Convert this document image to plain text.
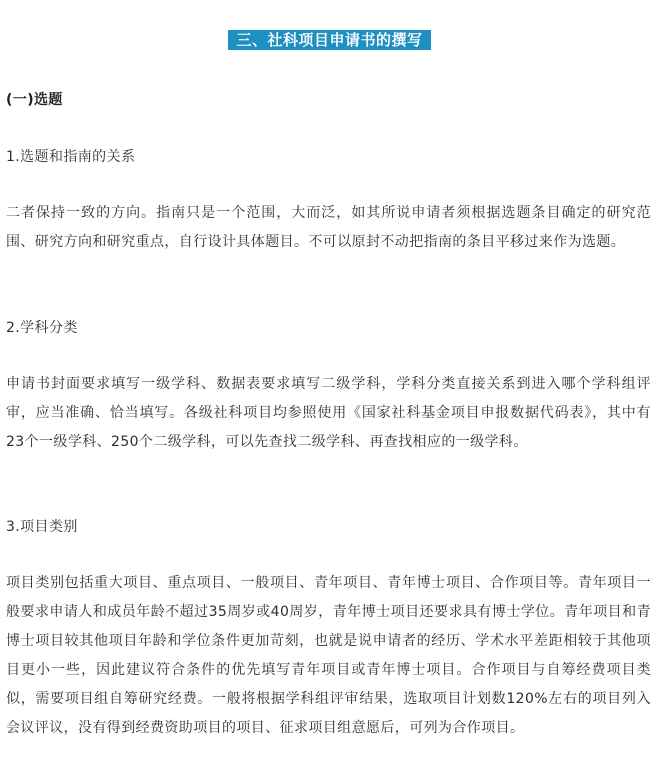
三、社科项目申请书的撰写

(一)选题

1.选题和指南的关系

二者保持一致的方向。指南只是一个范围，大而泛，如其所说申请者须根据选题条目确定的研究范围、研究方向和研究重点，自行设计具体题目。不可以原封不动把指南的条目平移过来作为选题。

2.学科分类

申请书封面要求填写一级学科、数据表要求填写二级学科，学科分类直接关系到进入哪个学科组评审，应当准确、恰当填写。各级社科项目均参照使用《国家社科基金项目申报数据代码表》，其中有23个一级学科、250个二级学科，可以先查找二级学科、再查找相应的一级学科。

3.项目类别

项目类别包括重大项目、重点项目、一般项目、青年项目、青年博士项目、合作项目等。青年项目一般要求申请人和成员年龄不超过35周岁或40周岁，青年博士项目还要求具有博士学位。青年项目和青博士项目较其他项目年龄和学位条件更加苛刻，也就是说申请者的经历、学术水平差距相较于其他项目更小一些，因此建议符合条件的优先填写青年项目或青年博士项目。合作项目与自筹经费项目类似，需要项目组自筹研究经费。一般将根据学科组评审结果，选取项目计划数120%左右的项目列入会议评议，没有得到经费资助项目的项目、征求项目组意愿后，可列为合作项目。
